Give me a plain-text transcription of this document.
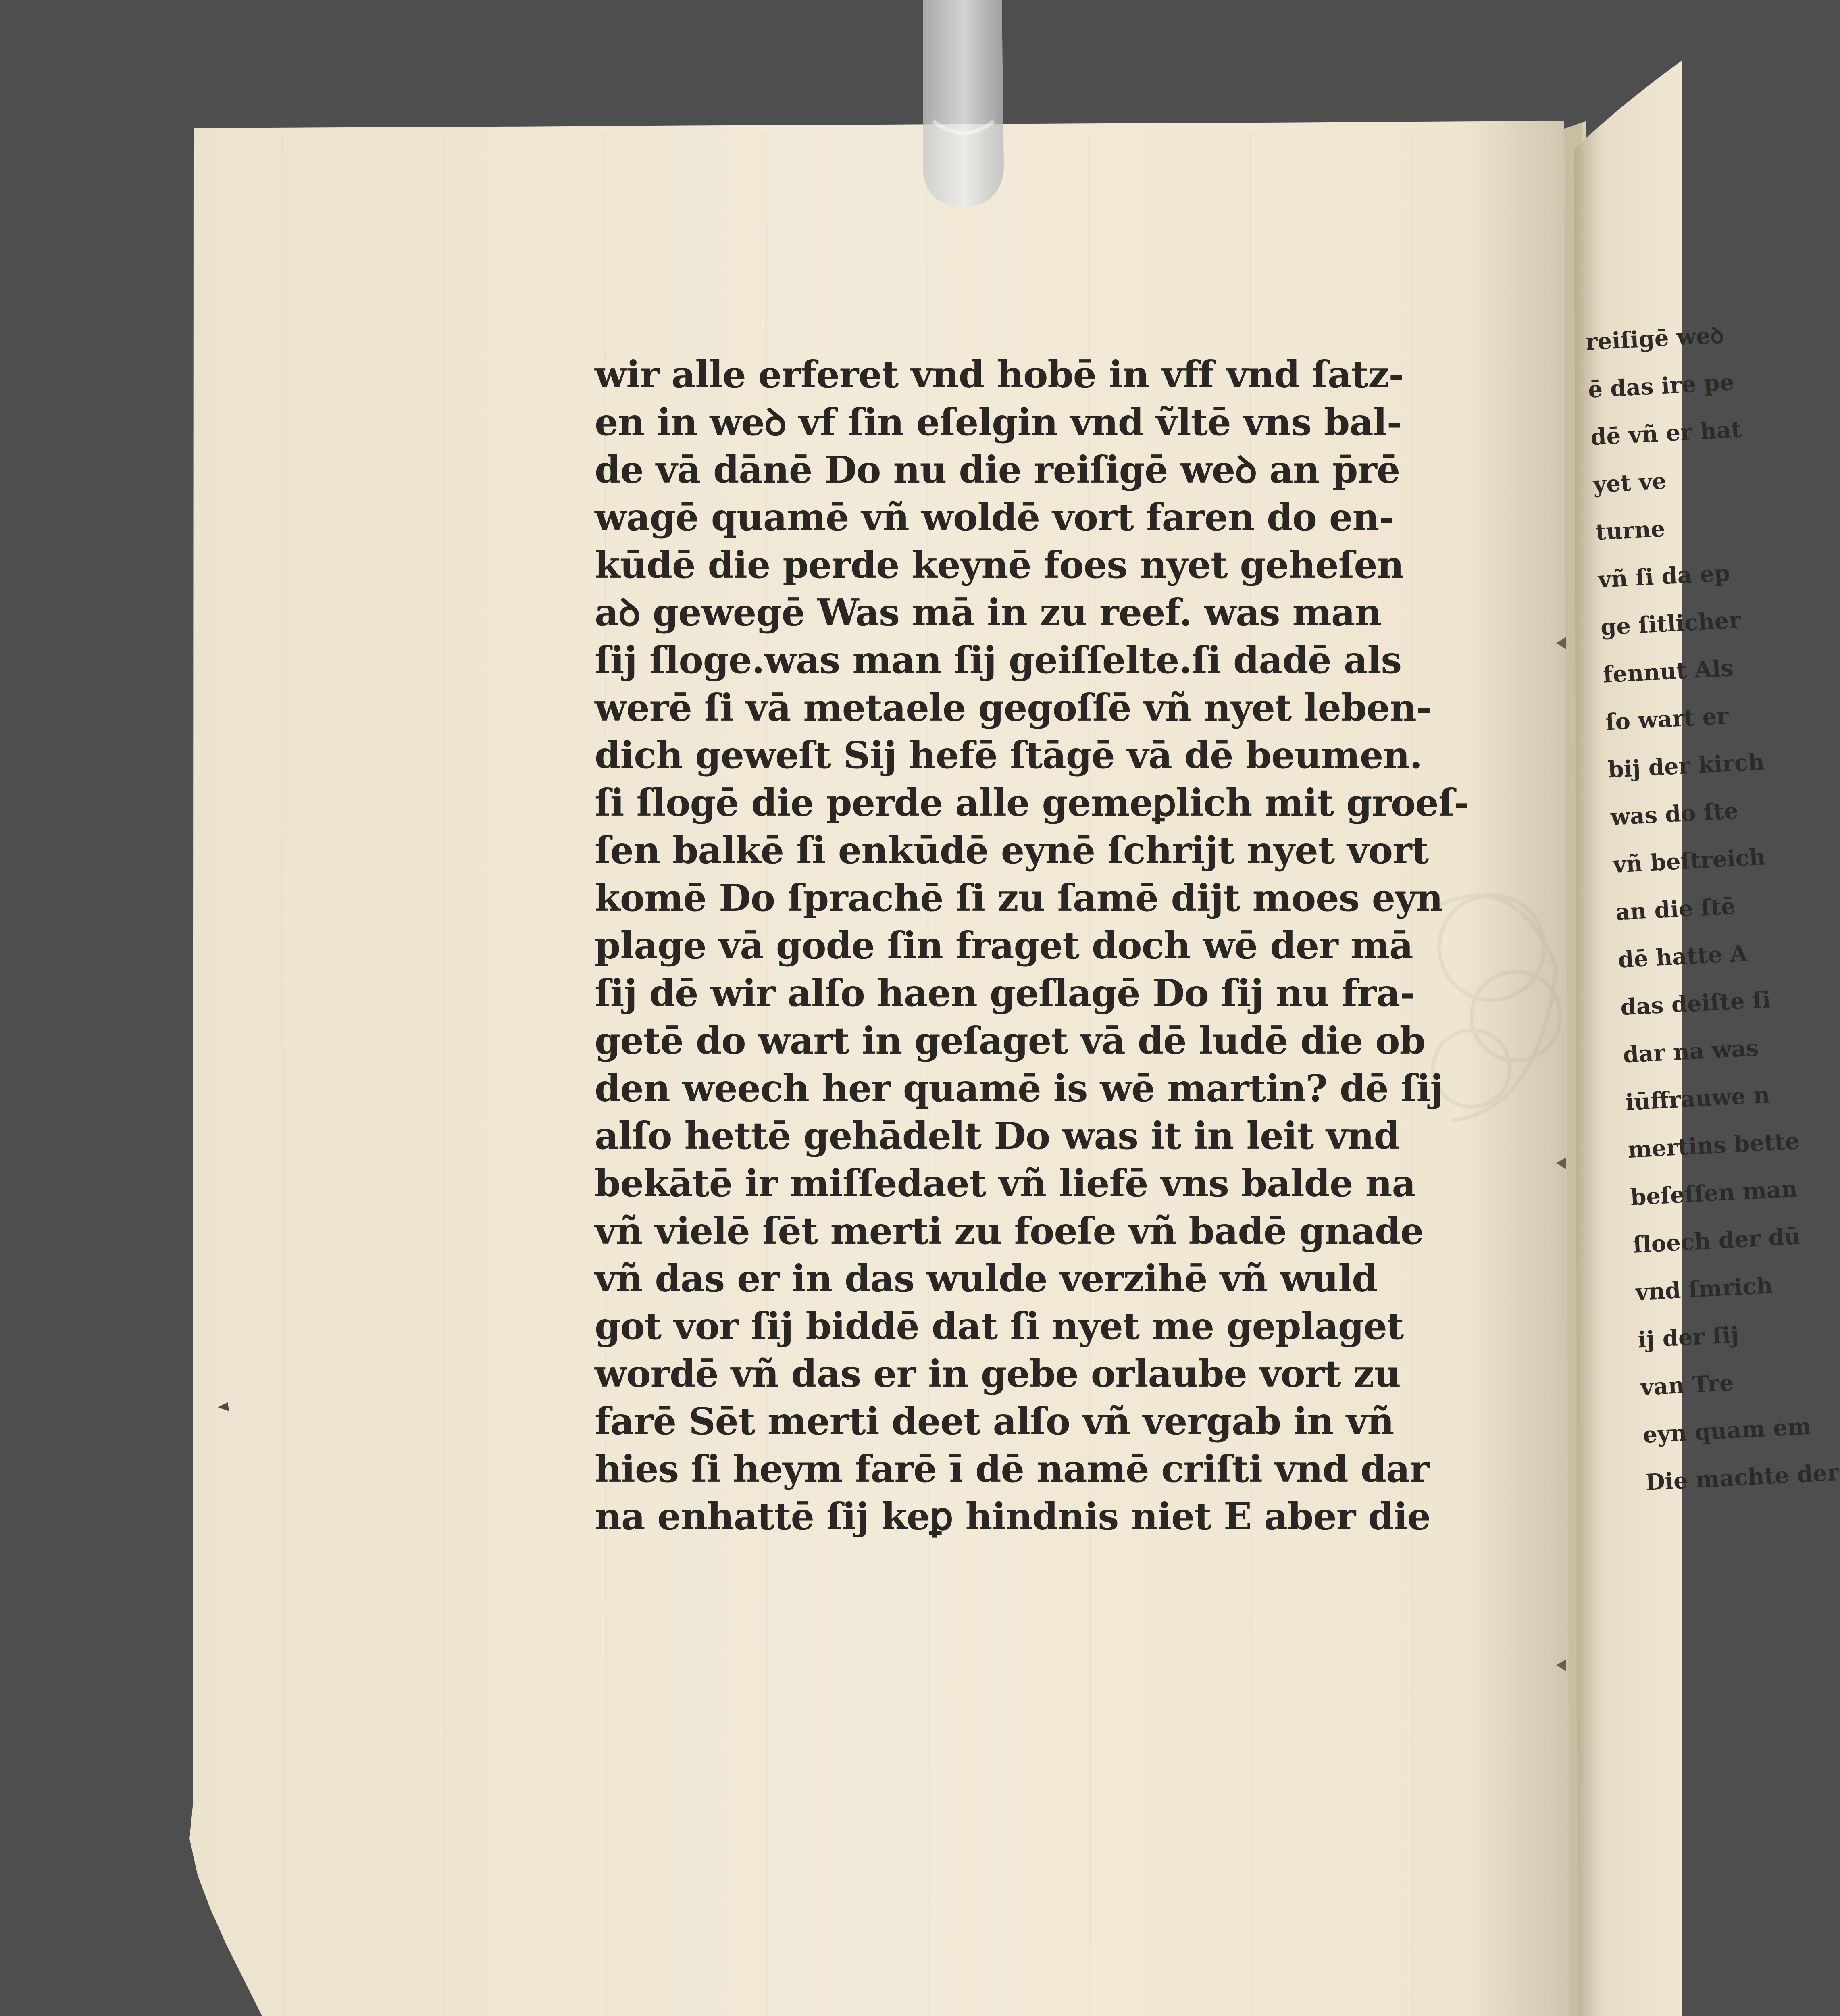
wir alle erferet vnd hobē in vff vnd ſatz-
en in weꝺ vf ſin eſelgin vnd ṽltē vns bal-
de vā dānē Do nu die reiſigē weꝺ an p̄rē
wagē quamē vñ woldē vort faren do en-
kūdē die perde keynē foes nyet geheſen
aꝺ gewegē Was mā in zu reef. was man
ſij ſloge.was man ſij geiſſelte.ſi dadē als
werē ſi vā metaele gegoſſē vñ nyet leben-
dich geweſt Sij hefē ſtāgē vā dē beumen.
ſi ſlogē die perde alle gemeꝑlich mit groeſ-
ſen balkē ſi enkūdē eynē ſchrijt nyet vort
komē Do ſprachē ſi zu ſamē dijt moes eyn
plage vā gode ſin fraget doch wē der mā
ſij dē wir alſo haen geſlagē Do ſij nu fra-
getē do wart in geſaget vā dē ludē die ob
den weech her quamē is wē martin? dē ſij
alſo hettē gehādelt Do was it in leit vnd
bekātē ir miſſedaet vñ liefē vns balde na
vñ vielē ſēt merti zu foeſe vñ badē gnade
vñ das er in das wulde verzihē vñ wuld
got vor ſij biddē dat ſi nyet me geplaget
wordē vñ das er in gebe orlaube vort zu
farē Sēt merti deet alſo vñ vergab in vñ
hies ſi heym farē ī dē namē criſti vnd dar
na enhattē ſij keꝑ hindnis niet E aber die
reiſigē weꝺ
ē das ire pe
dē vñ er hat
yet ve
turne
vñ ſi da ep
ge ſitlicher
fennut Als
ſo wart er
bij der kirch
was do ſte
vñ beſtreich
an die ſtē
dē hatte A
das deiſte ſi
dar na was
iūffrauwe n
mertins bette
beſeſſen man
ſloech der dū
vnd ſmrich
ij der ſij
van Tre
eyn quam em
Die machte der
